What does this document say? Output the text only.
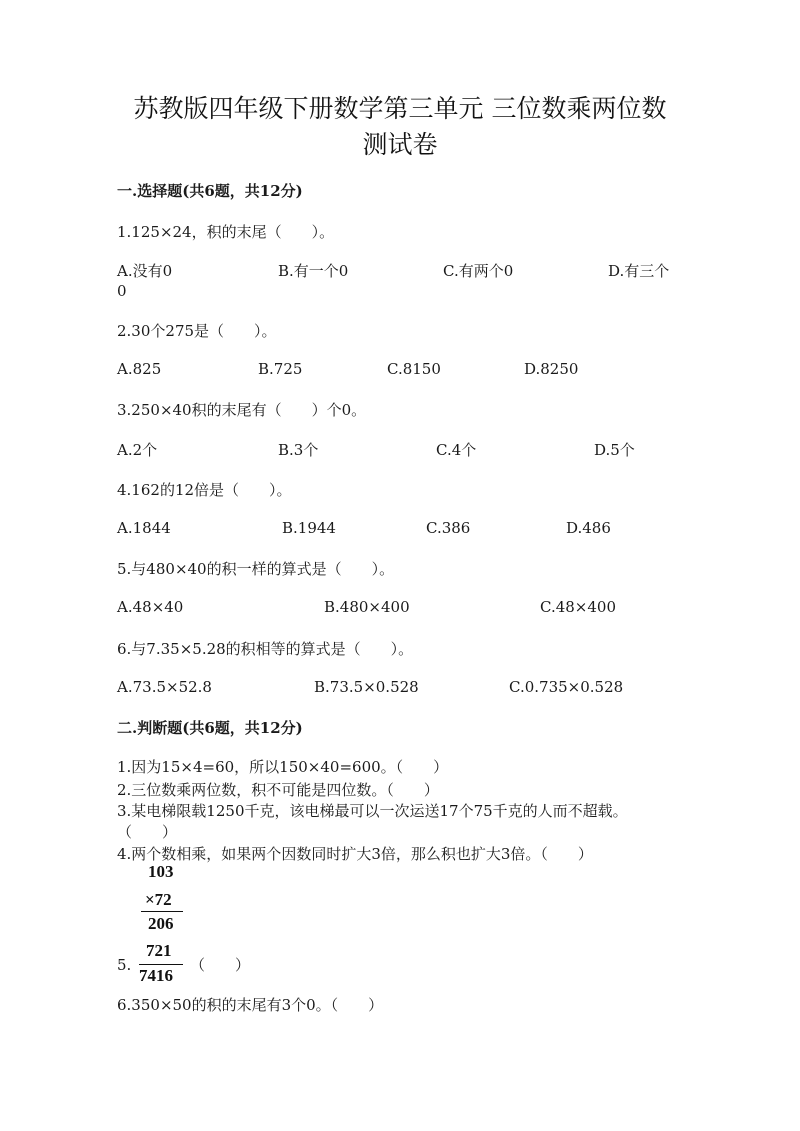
苏教版四年级下册数学第三单元 三位数乘两位数
测试卷
一.选择题(共6题，共12分)
1.125×24，积的末尾（　　）。
A.没有0	B.有一个0	C.有两个0	D.有三个
0
2.30个275是（　　）。
A.825	B.725	C.8150	D.8250
3.250×40积的末尾有（　　）个0。
A.2个	B.3个	C.4个	D.5个
4.162的12倍是（　　）。
A.1844	B.1944	C.386	D.486
5.与480×40的积一样的算式是（　　）。
A.48×40	B.480×400	C.48×400
6.与7.35×5.28的积相等的算式是（　　）。
A.73.5×52.8	B.73.5×0.528	C.0.735×0.528
二.判断题(共6题，共12分)
1.因为15×4=60，所以150×40=600。（　　）
2.三位数乘两位数，积不可能是四位数。（　　）
3.某电梯限载1250千克，该电梯最可以一次运送17个75千克的人而不超载。
（　　）
4.两个数相乘，如果两个因数同时扩大3倍，那么积也扩大3倍。（　　）
103
×72
206
5.
721
7416
（　　）
6.350×50的积的末尾有3个0。（　　）
